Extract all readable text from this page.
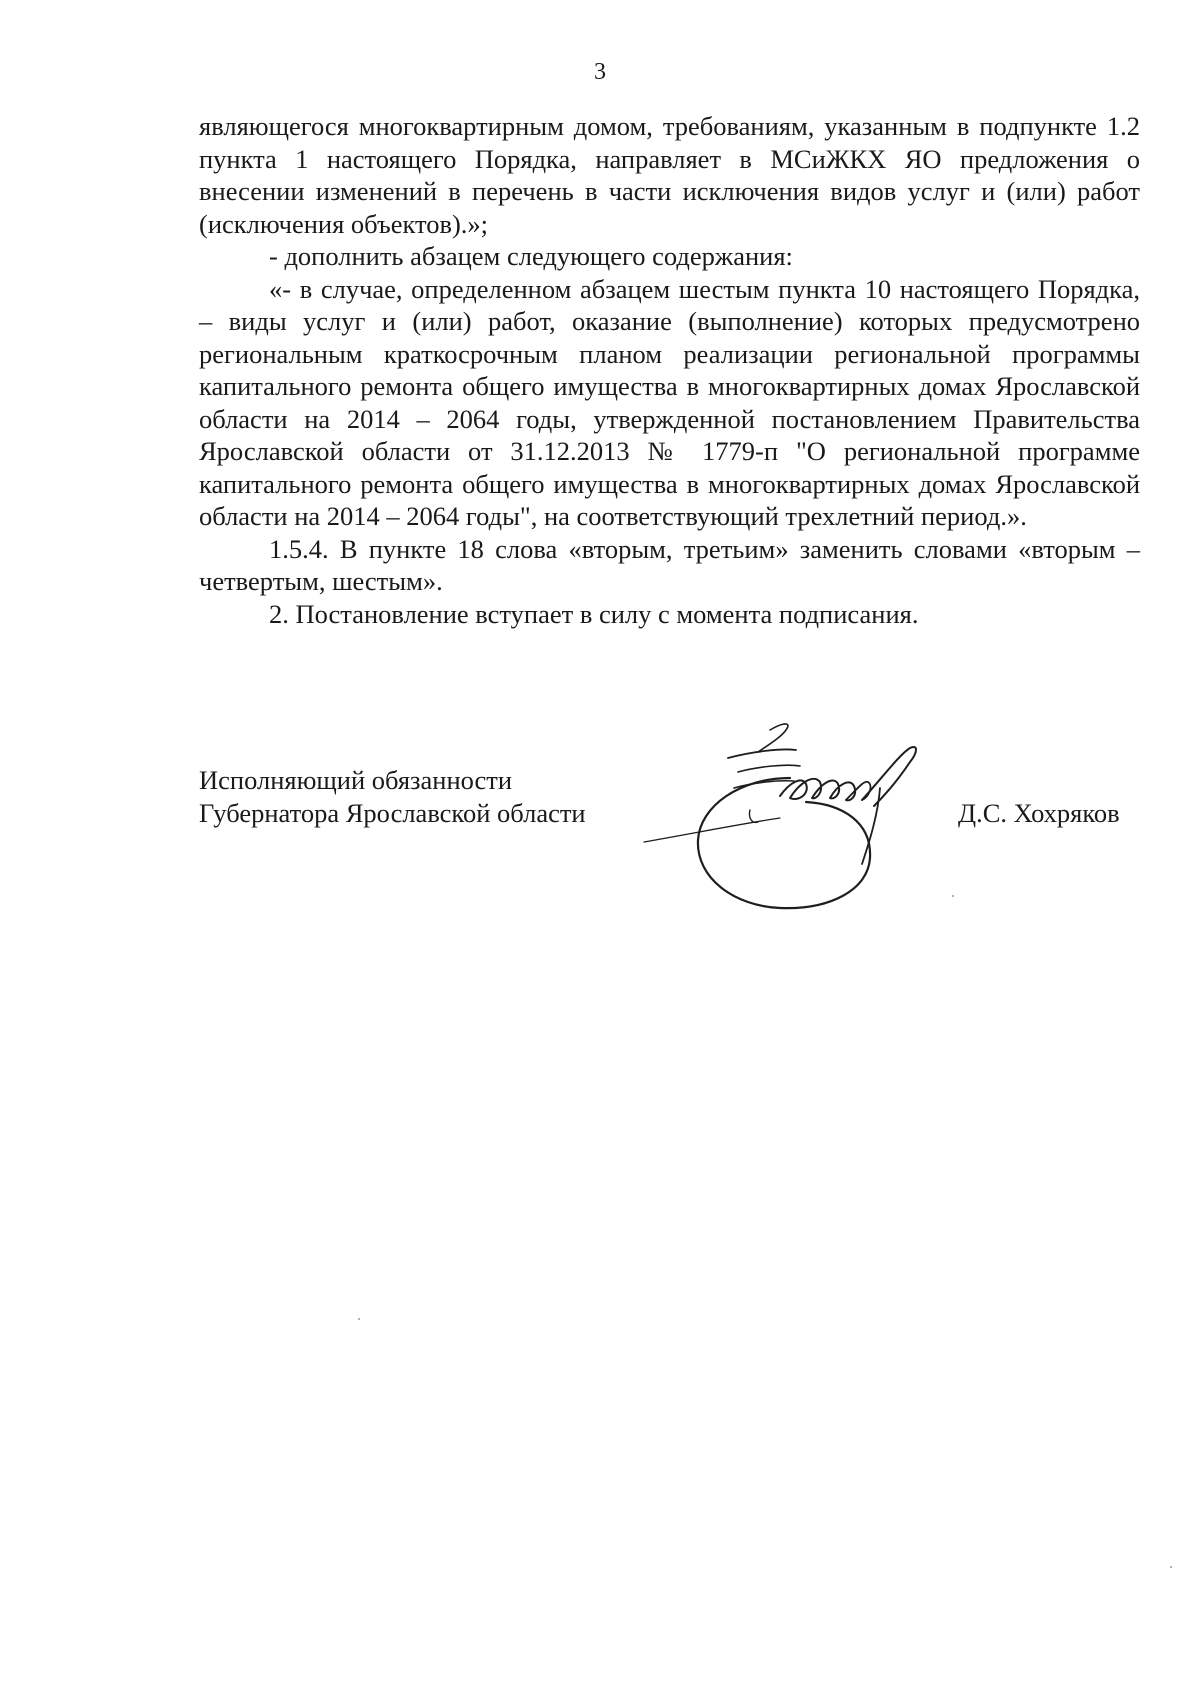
3

являющегося многоквартирным домом, требованиям, указанным в подпункте 1.2 пункта 1 настоящего Порядка, направляет в МСиЖКХ ЯО предложения о внесении изменений в перечень в части исключения видов услуг и (или) работ (исключения объектов).»;

- дополнить абзацем следующего содержания:

«- в случае, определенном абзацем шестым пункта 10 настоящего Порядка, – виды услуг и (или) работ, оказание (выполнение) которых предусмотрено региональным краткосрочным планом реализации региональной программы капитального ремонта общего имущества в многоквартирных домах Ярославской области на 2014 – 2064 годы, утвержденной постановлением Правительства Ярославской области от 31.12.2013 № 1779-п "О региональной программе капитального ремонта общего имущества в многоквартирных домах Ярославской области на 2014 – 2064 годы", на соответствующий трехлетний период.».

1.5.4. В пункте 18 слова «вторым, третьим» заменить словами «вторым – четвертым, шестым».

2. Постановление вступает в силу с момента подписания.

Исполняющий обязанности
Губернатора Ярославской области	Д.С. Хохряков
